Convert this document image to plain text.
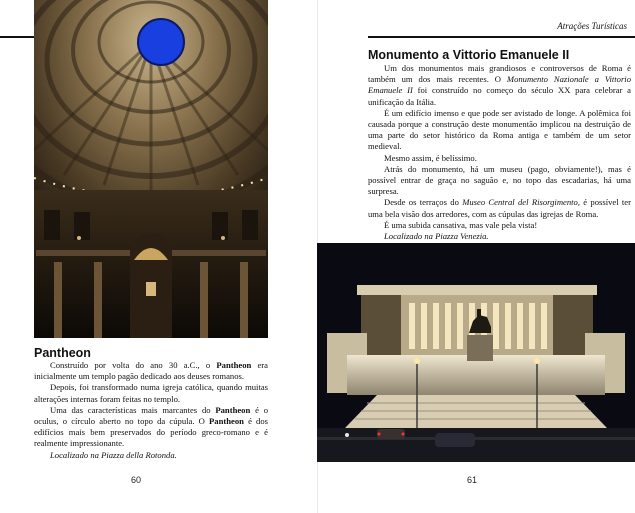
Pantheon

Construído por volta do ano 30 a.C., o Pantheon era inicialmente um templo pagão dedicado aos deuses romanos.

Depois, foi transformado numa igreja católica, quando muitas alterações internas foram feitas no templo.

Uma das características mais marcantes do Pantheon é o oculus, o círculo aberto no topo da cúpula. O Pantheon é dos edifícios mais bem preservados do período greco-romano e é realmente impressionante.

Localizado na Piazza della Rotonda.

60
Atrações Turísticas
Monumento a Vittorio Emanuele II

Um dos monumentos mais grandiosos e controversos de Roma é também um dos mais recentes. O Monumento Nazionale a Vittorio Emanuele II foi construído no começo do século XX para celebrar a unificação da Itália.

É um edifício imenso e que pode ser avistado de longe. A polêmica foi causada porque a construção deste monumentão implicou na destruição de uma parte do setor histórico da Roma antiga e também de um setor medieval.

Mesmo assim, é belíssimo.

Atrás do monumento, há um museu (pago, obviamente!), mas é possível entrar de graça no saguão e, no topo das escadarias, há uma surpresa.

Desde os terraços do Museo Central del Risorgimento, é possível ter uma bela visão dos arredores, com as cúpulas das igrejas de Roma.

É uma subida cansativa, mas vale pela vista!

Localizado na Piazza Venezia.

61
